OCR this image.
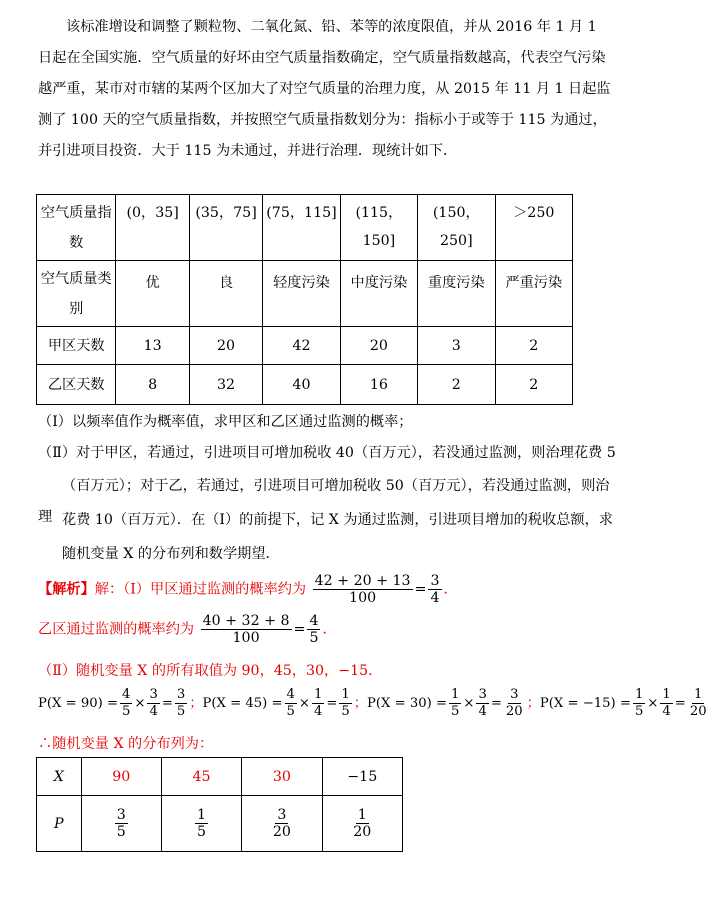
该标准增设和调整了颗粒物、二氧化氮、铅、苯等的浓度限值，并从 2016 年 1 月 1 日起在全国实施．空气质量的好坏由空气质量指数确定，空气质量指数越高，代表空气污染越严重，某市对市辖的某两个区加大了对空气质量的治理力度，从 2015 年 11 月 1 日起监测了 100 天的空气质量指数，并按照空气质量指数划分为：指标小于或等于 115 为通过，并引进项目投资．大于 115 为未通过，并进行治理．现统计如下．
空气质量指数	(0，35]	(35，75]	(75，115]	(115，150]	(150，250]	＞250
空气质量类别	优	良	轻度污染	中度污染	重度污染	严重污染
甲区天数	13	20	42	20	3	2
乙区天数	8	32	40	16	2	2
（Ⅰ）以频率值作为概率值，求甲区和乙区通过监测的概率；
（Ⅱ）对于甲区，若通过，引进项目可增加税收 40（百万元），若没通过监测，则治理花费 5
（百万元）；对于乙，若通过，引进项目可增加税收 50（百万元），若没通过监测，则治理 花费 10（百万元）．在（Ⅰ）的前提下，记 X 为通过监测，引进项目增加的税收总额，求
随机变量 X 的分布列和数学期望．
【解析】解：（Ⅰ）甲区通过监测的概率约为 $\frac{42 + 20 + 13}{100} = \frac{3}{4}$ ．
乙区通过监测的概率约为 $\frac{40 + 32 + 8}{100} = \frac{4}{5}$ ．
（Ⅱ）随机变量 X 的所有取值为 90，45，30，−15．
$P(X = 90) = \frac{4}{5} \times \frac{3}{4} = \frac{3}{5}$ ；$P(X = 45) = \frac{4}{5} \times \frac{1}{4} = \frac{1}{5}$ ；$P(X = 30) = \frac{1}{5} \times \frac{3}{4} = \frac{3}{20}$ ；$P(X = -15) = \frac{1}{5} \times \frac{1}{4} = \frac{1}{20}$
∴随机变量 X 的分布列为：
X	90	45	30	−15
P	$\frac{3}{5}$	$\frac{1}{5}$	$\frac{3}{20}$	$\frac{1}{20}$
